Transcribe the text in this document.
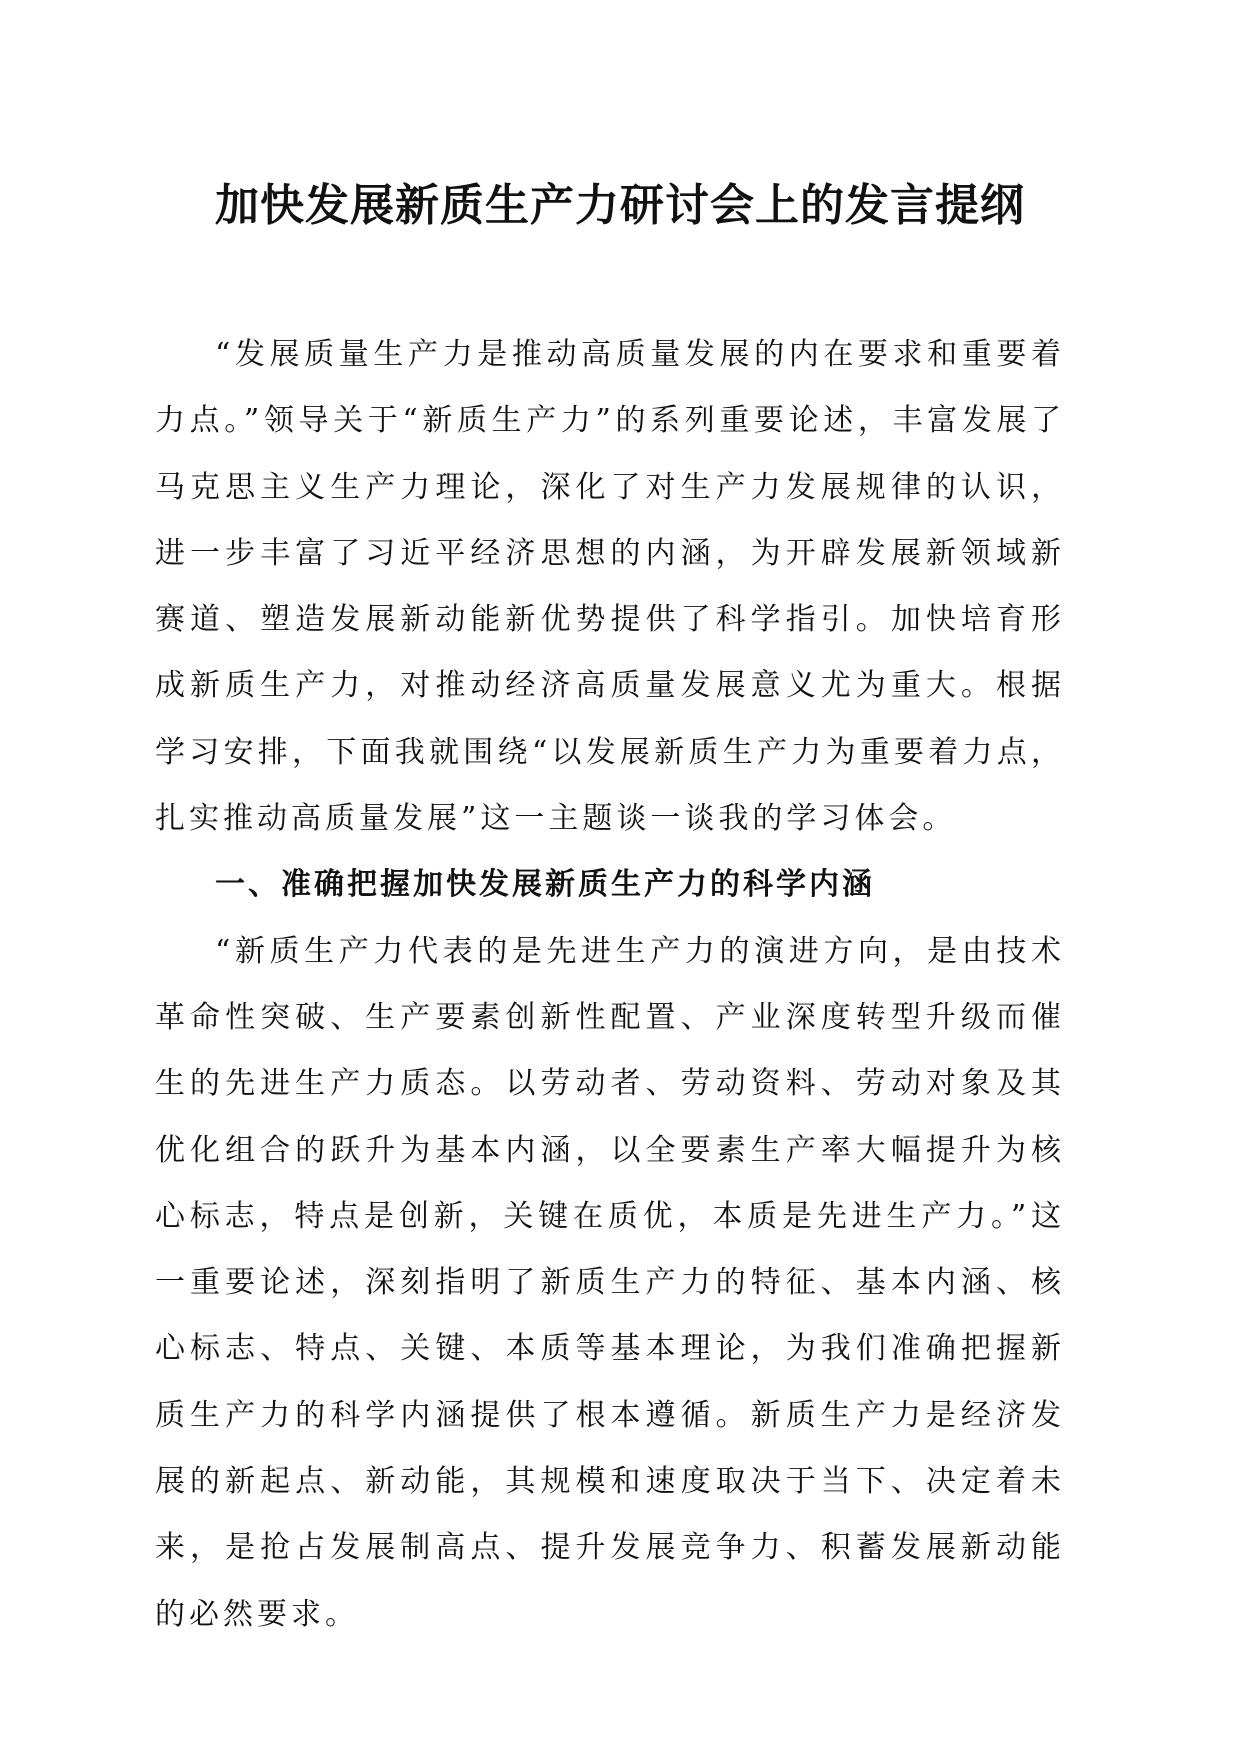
加快发展新质生产力研讨会上的发言提纲

“发展质量生产力是推动高质量发展的内在要求和重要着力点。”领导关于“新质生产力”的系列重要论述，丰富发展了马克思主义生产力理论，深化了对生产力发展规律的认识，进一步丰富了习近平经济思想的内涵，为开辟发展新领域新赛道、塑造发展新动能新优势提供了科学指引。加快培育形成新质生产力，对推动经济高质量发展意义尤为重大。根据学习安排，下面我就围绕“以发展新质生产力为重要着力点，扎实推动高质量发展”这一主题谈一谈我的学习体会。

一、准确把握加快发展新质生产力的科学内涵

“新质生产力代表的是先进生产力的演进方向，是由技术革命性突破、生产要素创新性配置、产业深度转型升级而催生的先进生产力质态。以劳动者、劳动资料、劳动对象及其优化组合的跃升为基本内涵，以全要素生产率大幅提升为核心标志，特点是创新，关键在质优，本质是先进生产力。”这一重要论述，深刻指明了新质生产力的特征、基本内涵、核心标志、特点、关键、本质等基本理论，为我们准确把握新质生产力的科学内涵提供了根本遵循。新质生产力是经济发展的新起点、新动能，其规模和速度取决于当下、决定着未来，是抢占发展制高点、提升发展竞争力、积蓄发展新动能的必然要求。
